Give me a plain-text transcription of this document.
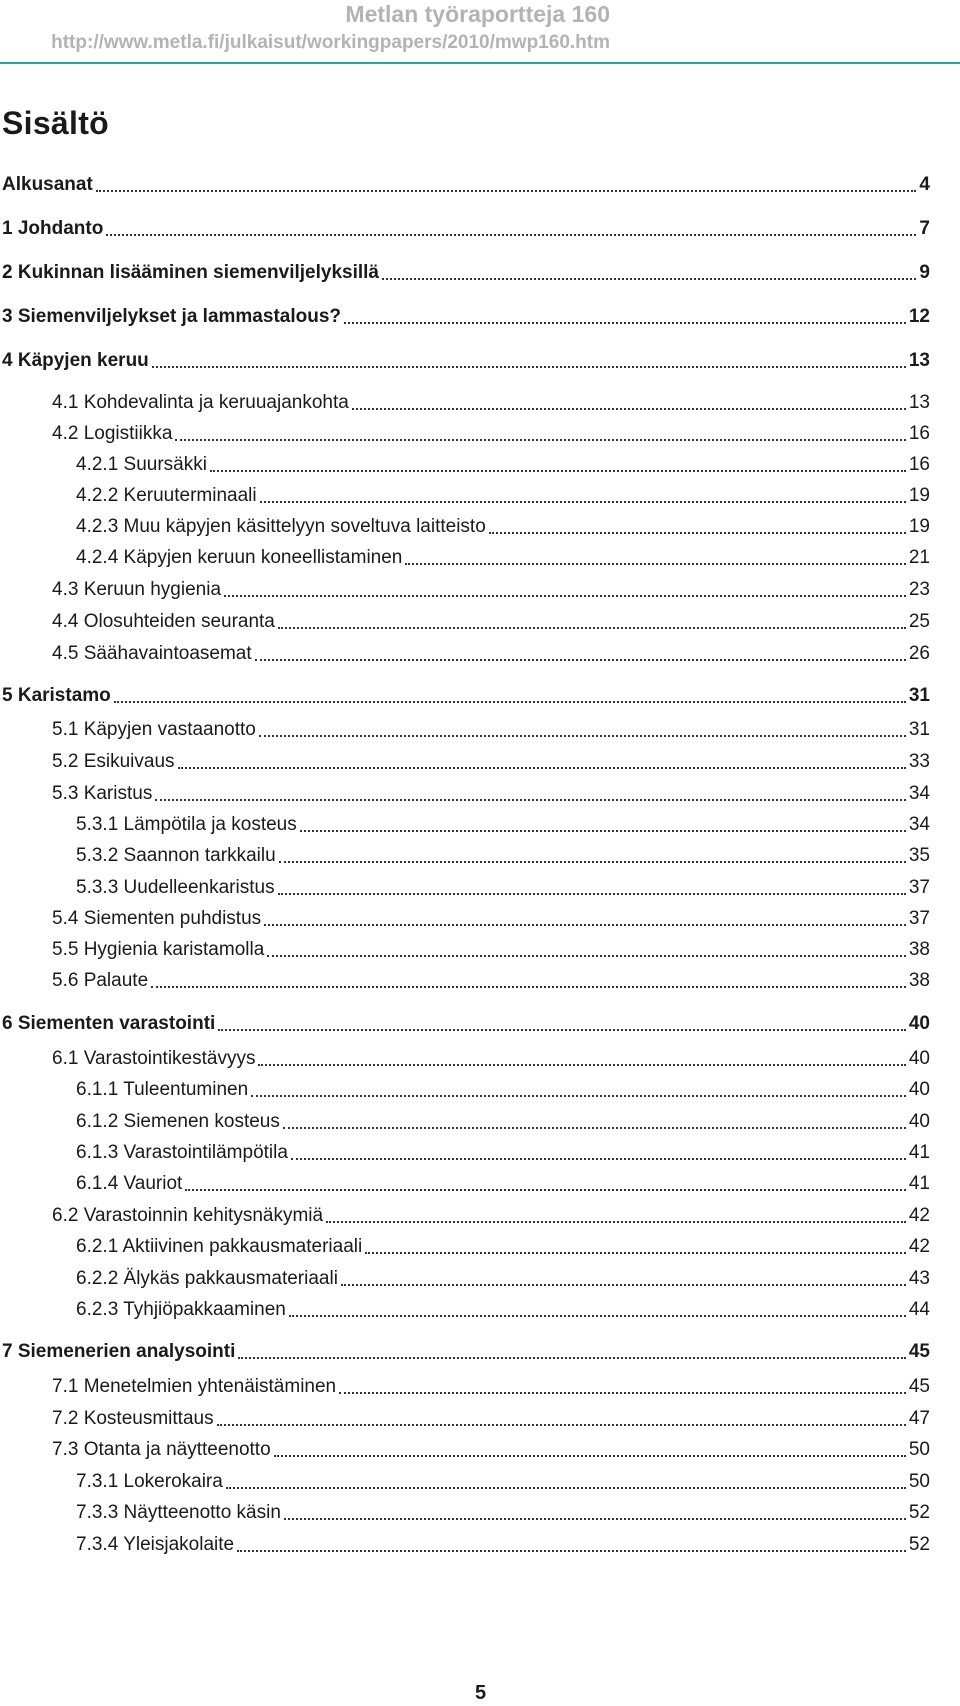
Metlan työraportteja 160
http://www.metla.fi/julkaisut/workingpapers/2010/mwp160.htm
Sisältö
Alkusanat	4
1 Johdanto	7
2 Kukinnan lisääminen siemenviljelyksillä	9
3 Siemenviljelykset ja lammastalous?	12
4 Käpyjen keruu	13
4.1 Kohdevalinta ja keruuajankohta	13
4.2 Logistiikka	16
4.2.1 Suursäkki	16
4.2.2 Keruuterminaali	19
4.2.3 Muu käpyjen käsittelyyn soveltuva laitteisto	19
4.2.4 Käpyjen keruun koneellistaminen	21
4.3 Keruun hygienia	23
4.4 Olosuhteiden seuranta	25
4.5 Säähavaintoasemat	26
5 Karistamo	31
5.1 Käpyjen vastaanotto	31
5.2 Esikuivaus	33
5.3 Karistus	34
5.3.1 Lämpötila ja kosteus	34
5.3.2 Saannon tarkkailu	35
5.3.3 Uudelleenkaristus	37
5.4 Siementen puhdistus	37
5.5 Hygienia karistamolla	38
5.6 Palaute	38
6 Siementen varastointi	40
6.1 Varastointikestävyys	40
6.1.1 Tuleentuminen	40
6.1.2 Siemenen kosteus	40
6.1.3 Varastointilämpötila	41
6.1.4 Vauriot	41
6.2 Varastoinnin kehitysnäkymiä	42
6.2.1 Aktiivinen pakkausmateriaali	42
6.2.2 Älykäs pakkausmateriaali	43
6.2.3 Tyhjiöpakkaaminen	44
7 Siemenerien analysointi	45
7.1 Menetelmien yhtenäistäminen	45
7.2 Kosteusmittaus	47
7.3 Otanta ja näytteenotto	50
7.3.1 Lokerokaira	50
7.3.3 Näytteenotto käsin	52
7.3.4 Yleisjakolaite	52
5
